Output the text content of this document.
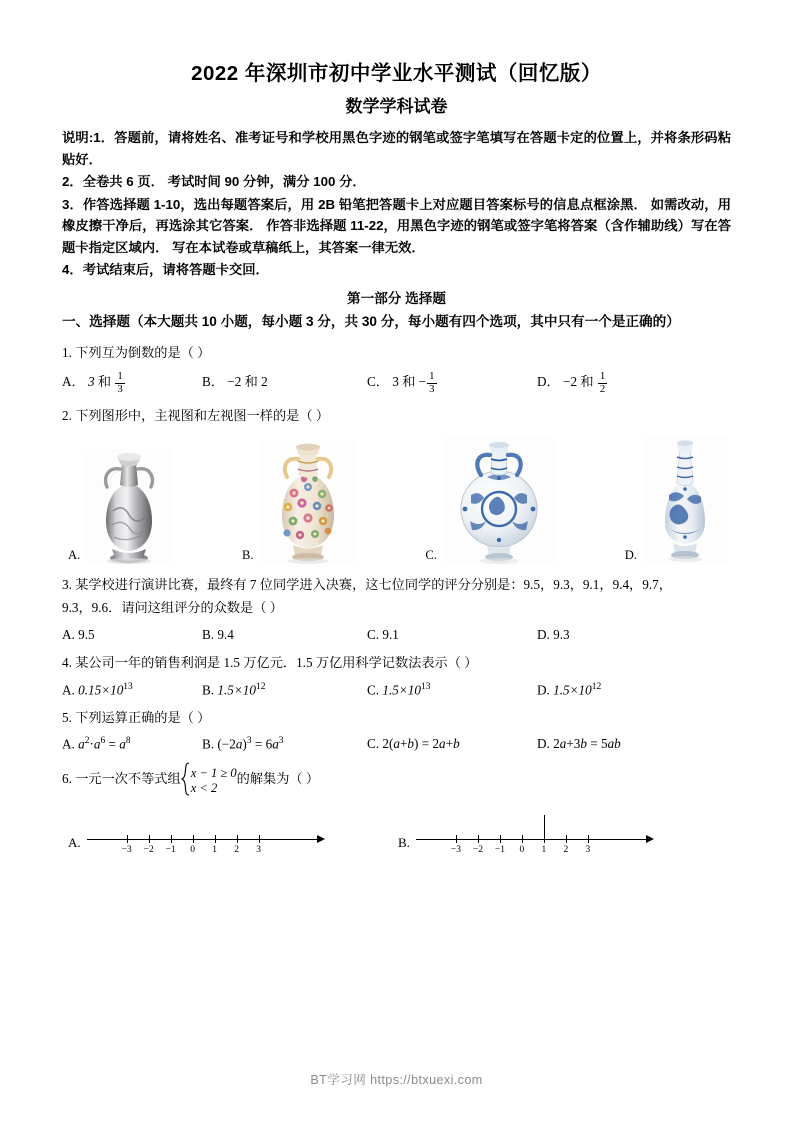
2022 年深圳市初中学业水平测试（回忆版）
数学学科试卷

说明:1．答题前，请将姓名、准考证号和学校用黑色字迹的钢笔或签字笔填写在答题卡定的位置上，并将条形码粘贴好．

2．全卷共 6 页． 考试时间 90 分钟，满分 100 分．

3．作答选择题 1-10，选出每题答案后，用 2B 铅笔把答题卡上对应题目答案标号的信息点框涂黑． 如需改动，用橡皮擦干净后，再选涂其它答案． 作答非选择题 11-22，用黑色字迹的钢笔或签字笔将答案（含作辅助线）写在答题卡指定区域内． 写在本试卷或草稿纸上，其答案一律无效．

4．考试结束后，请将答题卡交回．

第一部分 选择题
一、选择题（本大题共 10 小题，每小题 3 分，共 30 分，每小题有四个选项，其中只有一个是正确的）
1. 下列互为倒数的是（ ）
A． 3 和 $\frac{1}{3}$	B． −2 和 2	C． 3 和 − $\frac{1}{3}$	D． −2 和 $\frac{1}{2}$
2. 下列图形中，主视图和左视图一样的是（ ）
A.	B.	C.	D.
3. 某学校进行演讲比赛，最终有 7 位同学进入决赛，这七位同学的评分分别是：9.5，9.3，9.1，9.4，9.7，
9.3，9.6．请问这组评分的众数是（ ）
A. 9.5	B. 9.4	C. 9.1	D. 9.3
4. 某公司一年的销售利润是 1.5 万亿元．1.5 万亿用科学记数法表示（ ）
A. $0.15\times 10^{13}$	B. $1.5\times 10^{12}$	C. $1.5\times 10^{13}$	D. $1.5\times 10^{12}$
5. 下列运算正确的是（ ）
A. $a^2\cdot a^6 = a^8$	B. $(-2a)^3 = 6a^3$	C. 2(a+b) = 2a+b	D. 2a+3b = 5ab
6. 一元一次不等式组 x − 1 ≥ 0
x < 2的解集为（ ）
A.	−3 −2 −1 0 1 2 3	B.	−3 −2 −1 0 1 2 3
BT学习网 https://btxuexi.com
